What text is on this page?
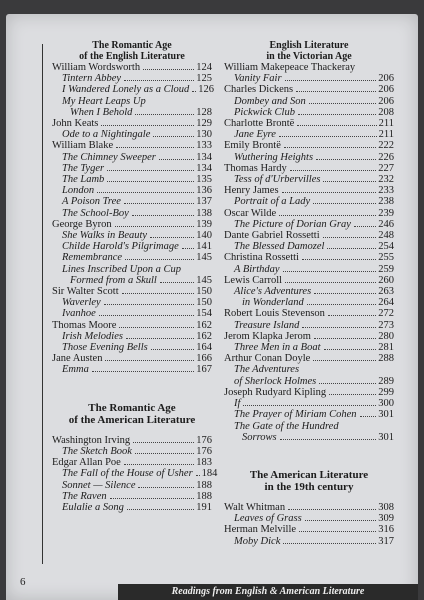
The Romantic Age
of the English Literature
William Wordsworth	124
Tintern Abbey	125
I Wandered Lonely as a Cloud 126
My Heart Leaps Up
When I Behold	128
John Keats	129
Ode to a Nightingale	130
William Blake	133
The Chimney Sweeper	134
The Tyger	134
The Lamb	135
London	136
A Poison Tree	137
The School-Boy	138
George Byron	139
She Walks in Beauty	140
Childe Harold's Pilgrimage 141
Remembrance	145
Lines Inscribed Upon a Cup
Formed from a Skull	145
Sir Walter Scott	150
Waverley	150
Ivanhoe	154
Thomas Moore	162
Irish Melodies	162
Those Evening Bells	164
Jane Austen	166
Emma	167
The Romantic Age
of the American Literature
Washington Irving	176
The Sketch Book	176
Edgar Allan Poe	183
The Fall of the House of Usher 184
Sonnet — Silence	188
The Raven	188
Eulalie a Song	191
English Literature
in the Victorian Age
William Makepeace Thackeray
Vanity Fair	206
Charles Dickens	206
Dombey and Son	206
Pickwick Club	208
Charlotte Brontë	211
Jane Eyre	211
Emily Brontë	222
Wuthering Heights	226
Thomas Hardy	227
Tess of d'Urbervilles	232
Henry James	233
Portrait of a Lady	238
Oscar Wilde	239
The Picture of Dorian Gray	246
Dante Gabriel Rossetti	248
The Blessed Damozel	254
Christina Rossetti	255
A Birthday	259
Lewis Carroll	260
Alice's Adventures	263
in Wonderland	264
Robert Louis Stevenson	272
Treasure Island	273
Jerom Klapka Jerom	280
Three Men in a Boat	281
Arthur Conan Doyle	288
The Adventures
of Sherlock Holmes	289
Joseph Rudyard Kipling	299
If	300
The Prayer of Miriam Cohen 301
The Gate of the Hundred
Sorrows	301
The American Literature
in the 19th century
Walt Whitman	308
Leaves of Grass	309
Herman Melville	316
Moby Dick	317
6
Readings from English & American Literature
